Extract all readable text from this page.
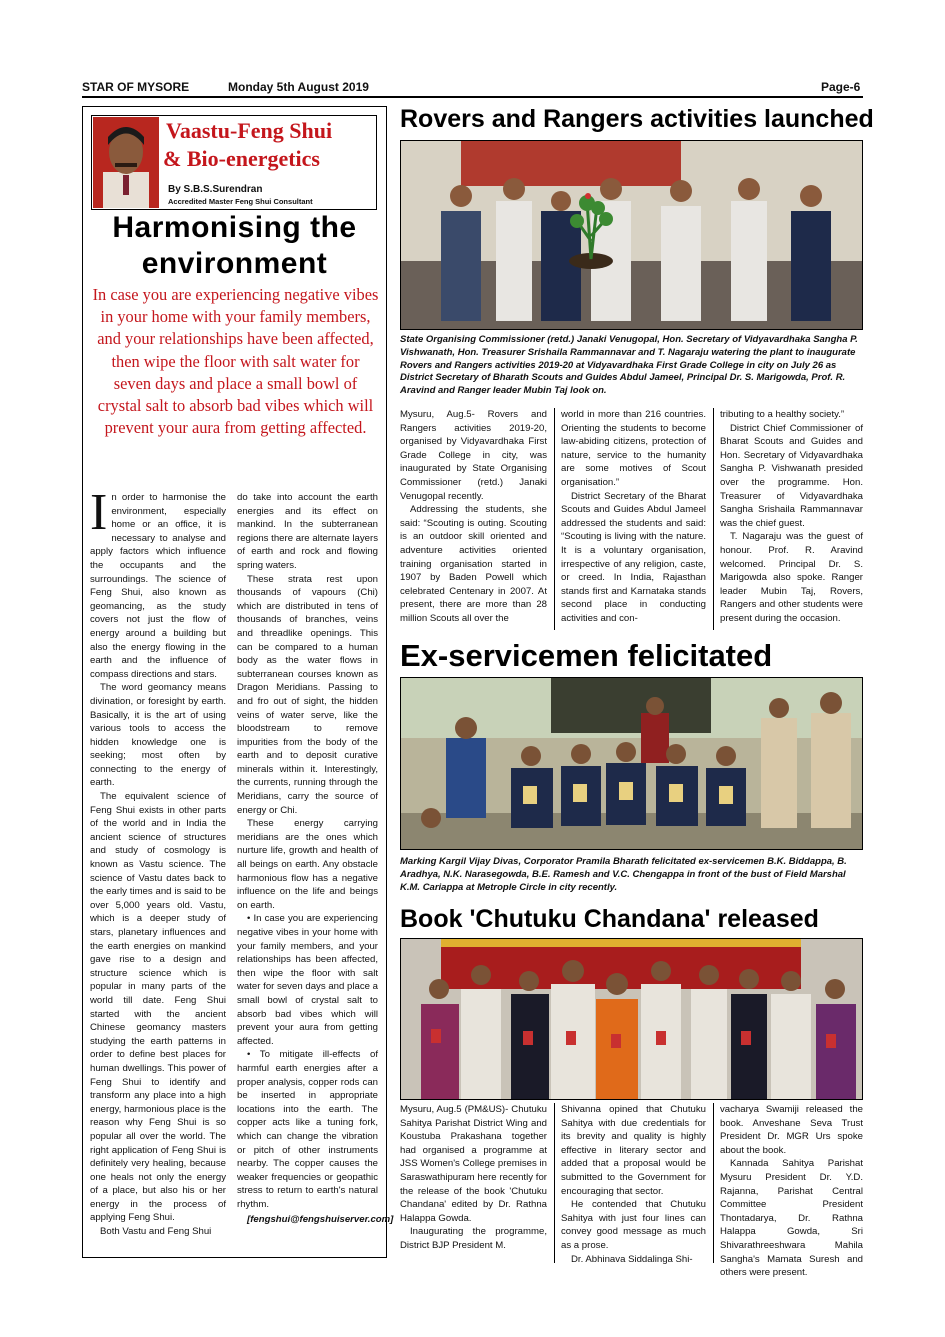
STAR OF MYSORE	Monday 5th August 2019	Page-6
Vaastu-Feng Shui
& Bio-energetics
By S.B.S.Surendran
Accredited Master Feng Shui Consultant
Harmonising the
environment
In case you are experiencing negative vibes in your home with your family members, and your relationships have been affected, then wipe the floor with salt water for seven days and place a small bowl of crystal salt to absorb bad vibes which will prevent your aura from getting affected.

In order to harmonise the environment, especially home or an office, it is necessary to analyse and apply factors which influence the occupants and the surroundings. The science of Feng Shui, also known as geomancing, as the study covers not just the flow of energy around a building but also the energy flowing in the earth and the influence of compass directions and stars.

The word geomancy means divination, or foresight by earth. Basically, it is the art of using various tools to access the hidden knowledge one is seeking; most often by connecting to the energy of earth.

The equivalent science of Feng Shui exists in other parts of the world and in India the ancient science of structures and study of cosmology is known as Vastu science. The science of Vastu dates back to the early times and is said to be over 5,000 years old. Vastu, which is a deeper study of stars, planetary influences and the earth energies on mankind gave rise to a design and structure science which is popular in many parts of the world till date. Feng Shui started with the ancient Chinese geomancy masters studying the earth patterns in order to define best places for human dwellings. This power of Feng Shui to identify and transform any place into a high energy, harmonious place is the reason why Feng Shui is so popular all over the world. The right application of Feng Shui is definitely very healing, because one heals not only the energy of a place, but also his or her energy in the process of applying Feng Shui.

Both Vastu and Feng Shui

do take into account the earth energies and its effect on mankind. In the subterranean regions there are alternate layers of earth and rock and flowing spring waters.

These strata rest upon thousands of vapours (Chi) which are distributed in tens of thousands of branches, veins and threadlike openings. This can be compared to a human body as the water flows in subterranean courses known as Dragon Meridians. Passing to and fro out of sight, the hidden veins of water serve, like the bloodstream to remove impurities from the body of the earth and to deposit curative minerals within it. Interestingly, the currents, running through the Meridians, carry the source of energy or Chi.

These energy carrying meridians are the ones which nurture life, growth and health of all beings on earth. Any obstacle harmonious flow has a negative influence on the life and beings on earth.

• In case you are experiencing negative vibes in your home with your family members, and your relationships has been affected, then wipe the floor with salt water for seven days and place a small bowl of crystal salt to absorb bad vibes which will prevent your aura from getting affected.

• To mitigate ill-effects of harmful earth energies after a proper analysis, copper rods can be inserted in appropriate locations into the earth. The copper acts like a tuning fork, which can change the vibration or pitch of other instruments nearby. The copper causes the weaker frequencies or geopathic stress to return to earth's natural rhythm.

[fengshui@fengshuiserver.com]

Rovers and Rangers activities launched

State Organising Commissioner (retd.) Janaki Venugopal, Hon. Secretary of Vidyavardhaka Sangha P. Vishwanath, Hon. Treasurer Srishaila Rammannavar and T. Nagaraju watering the plant to inaugurate Rovers and Rangers activities 2019-20 at Vidyavardhaka First Grade College in city on July 26 as District Secretary of Bharath Scouts and Guides Abdul Jameel, Principal Dr. S. Marigowda, Prof. R. Aravind and Ranger leader Mubin Taj look on.

Mysuru, Aug.5- Rovers and Rangers activities 2019-20, organised by Vidyavardhaka First Grade College in city, was inaugurated by State Organising Commissioner (retd.) Janaki Venugopal recently.

Addressing the students, she said: “Scouting is outing. Scouting is an outdoor skill oriented and adventure activities oriented training organisation started in 1907 by Baden Powell which celebrated Centenary in 2007. At present, there are more than 28 million Scouts all over the

world in more than 216 countries. Orienting the students to become law-abiding citizens, protection of nature, service to the humanity are some motives of Scout organisation.”

District Secretary of the Bharat Scouts and Guides Abdul Jameel addressed the students and said: “Scouting is living with the nature. It is a voluntary organisation, irrespective of any religion, caste, or creed. In India, Rajasthan stands first and Karnataka stands second place in conducting activities and con-

tributing to a healthy society.”

District Chief Commissioner of Bharat Scouts and Guides and Hon. Secretary of Vidyavardhaka Sangha P. Vishwanath presided over the programme. Hon. Treasurer of Vidyavardhaka Sangha Srishaila Rammannavar was the chief guest.

T. Nagaraju was the guest of honour. Prof. R. Aravind welcomed. Principal Dr. S. Marigowda also spoke. Ranger leader Mubin Taj, Rovers, Rangers and other students were present during the occasion.

Ex-servicemen felicitated

Marking Kargil Vijay Divas, Corporator Pramila Bharath felicitated ex-servicemen B.K. Biddappa, B. Aradhya, N.K. Narasegowda, B.E. Ramesh and V.C. Chengappa in front of the bust of Field Marshal K.M. Cariappa at Metrople Circle in city recently.

Book 'Chutuku Chandana' released

Mysuru, Aug.5 (PM&US)- Chutuku Sahitya Parishat District Wing and Koustuba Prakashana together had organised a programme at JSS Women's College premises in Saraswathipuram here recently for the release of the book 'Chutuku Chandana' edited by Dr. Rathna Halappa Gowda.

Inaugurating the programme, District BJP President M.

Shivanna opined that Chutuku Sahitya with due credentials for its brevity and quality is highly effective in literary sector and added that a proposal would be submitted to the Government for encouraging that sector.

He contended that Chutuku Sahitya with just four lines can convey good message as much as a prose.

Dr. Abhinava Siddalinga Shi-

vacharya Swamiji released the book. Anveshane Seva Trust President Dr. MGR Urs spoke about the book.

Kannada Sahitya Parishat Mysuru President Dr. Y.D. Rajanna, Parishat Central Committee President Thontadarya, Dr. Rathna Halappa Gowda, Sri Shivarathreeshwara Mahila Sangha's Mamata Suresh and others were present.
